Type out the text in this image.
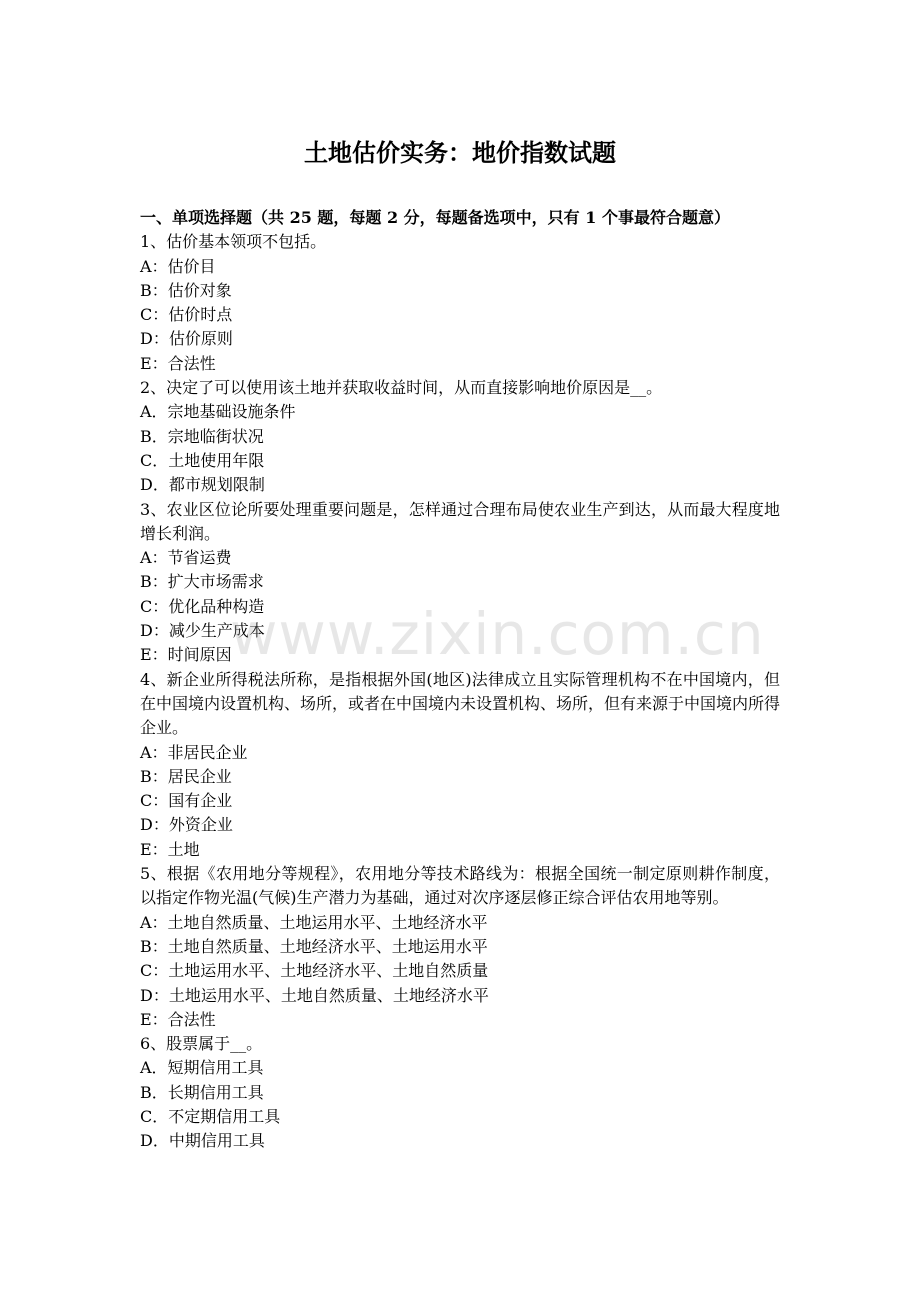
土地估价实务：地价指数试题
一、单项选择题（共 25 题，每题 2 分，每题备选项中，只有 1 个事最符合题意）
1、估价基本领项不包括。
A：估价目
B：估价对象
C：估价时点
D：估价原则
E：合法性
2、决定了可以使用该土地并获取收益时间，从而直接影响地价原因是__。
A．宗地基础设施条件
B．宗地临街状况
C．土地使用年限
D．都市规划限制
3、农业区位论所要处理重要问题是，怎样通过合理布局使农业生产到达，从而最大程度地增长利润。
A：节省运费
B：扩大市场需求
C：优化品种构造
D：减少生产成本
E：时间原因
4、新企业所得税法所称，是指根据外国(地区)法律成立且实际管理机构不在中国境内，但在中国境内设置机构、场所，或者在中国境内未设置机构、场所，但有来源于中国境内所得企业。
A：非居民企业
B：居民企业
C：国有企业
D：外资企业
E：土地
5、根据《农用地分等规程》，农用地分等技术路线为：根据全国统一制定原则耕作制度，以指定作物光温(气候)生产潜力为基础，通过对次序逐层修正综合评估农用地等别。
A：土地自然质量、土地运用水平、土地经济水平
B：土地自然质量、土地经济水平、土地运用水平
C：土地运用水平、土地经济水平、土地自然质量
D：土地运用水平、土地自然质量、土地经济水平
E：合法性
6、股票属于__。
A．短期信用工具
B．长期信用工具
C．不定期信用工具
D．中期信用工具
www.zixin.com.cn
